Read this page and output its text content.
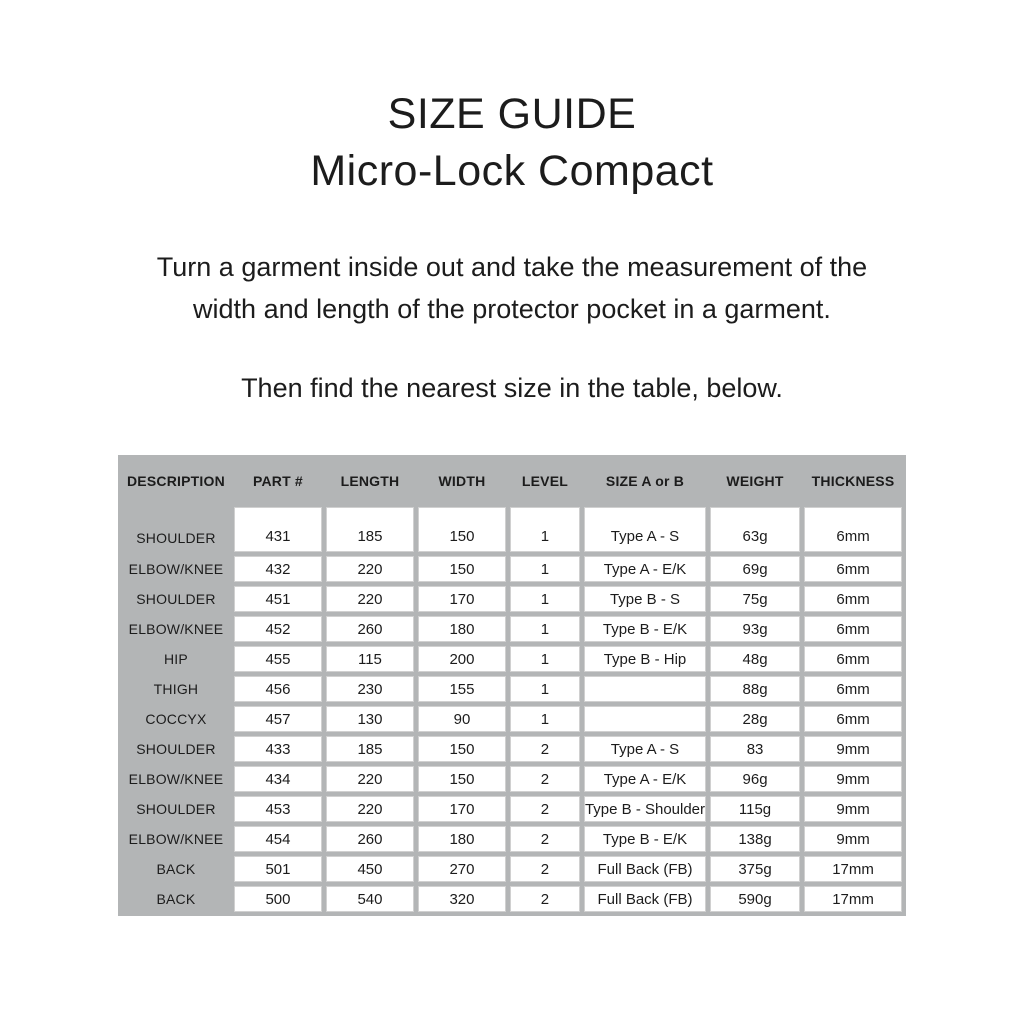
SIZE GUIDE
Micro-Lock Compact

Turn a garment inside out and take the measurement of the
width and length of the protector pocket in a garment.

Then find the nearest size in the table, below.

DESCRIPTION	PART #	LENGTH	WIDTH	LEVEL	SIZE A or B	WEIGHT	THICKNESS
SHOULDER	431	185	150	1	Type A - S	63g	6mm
ELBOW/KNEE	432	220	150	1	Type A - E/K	69g	6mm
SHOULDER	451	220	170	1	Type B - S	75g	6mm
ELBOW/KNEE	452	260	180	1	Type B - E/K	93g	6mm
HIP	455	115	200	1	Type B - Hip	48g	6mm
THIGH	456	230	155	1		88g	6mm
COCCYX	457	130	90	1		28g	6mm
SHOULDER	433	185	150	2	Type A - S	83	9mm
ELBOW/KNEE	434	220	150	2	Type A - E/K	96g	9mm
SHOULDER	453	220	170	2	Type B - Shoulder	115g	9mm
ELBOW/KNEE	454	260	180	2	Type B - E/K	138g	9mm
BACK	501	450	270	2	Full Back (FB)	375g	17mm
BACK	500	540	320	2	Full Back (FB)	590g	17mm
